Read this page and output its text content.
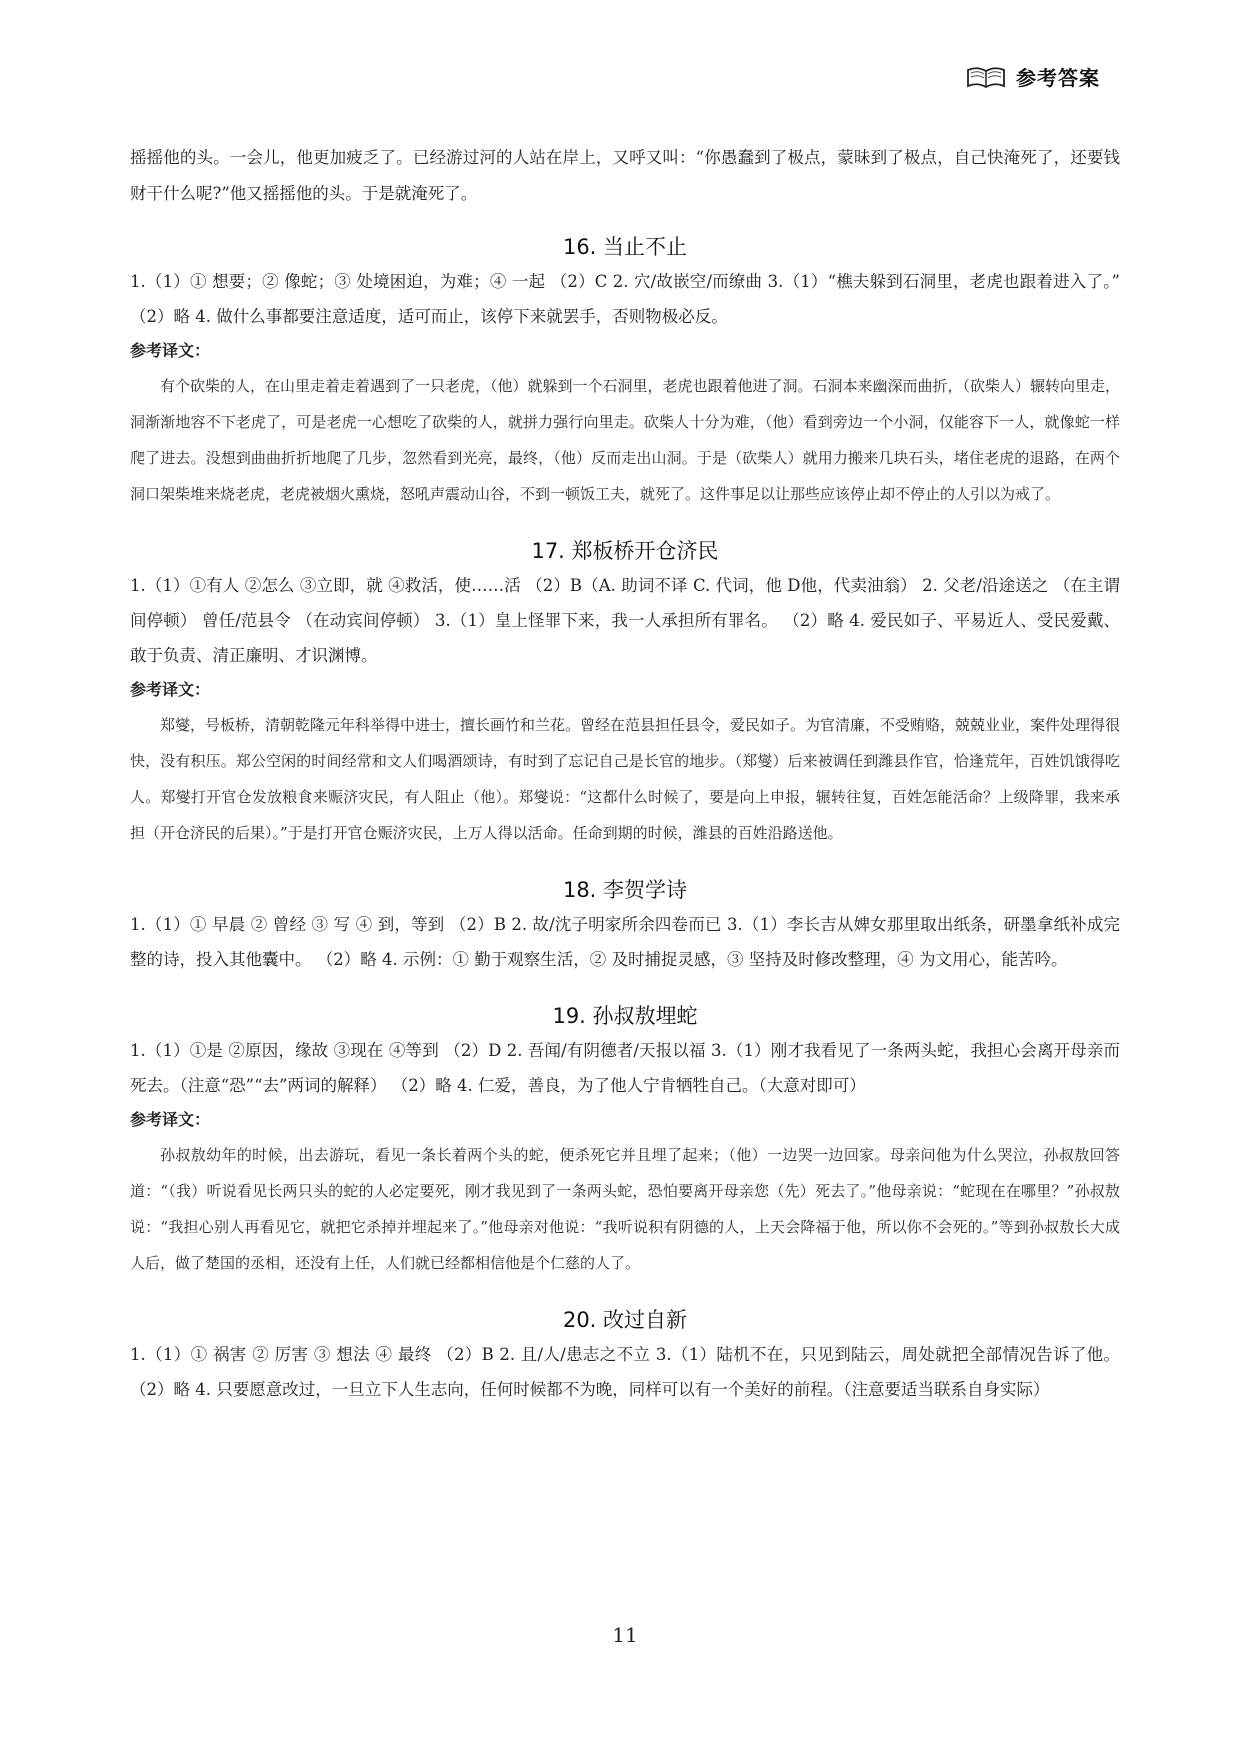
参考答案

摇摇他的头。一会儿，他更加疲乏了。已经游过河的人站在岸上，又呼又叫：“你愚蠢到了极点，蒙昧到了极点，自己快淹死了，还要钱财干什么呢?”他又摇摇他的头。于是就淹死了。

16. 当止不止

1.（1）① 想要；② 像蛇；③ 处境困迫，为难；④ 一起 （2）C 2. 穴/故嵌空/而缭曲 3.（1）“樵夫躲到石洞里，老虎也跟着进入了。” （2）略 4. 做什么事都要注意适度，适可而止，该停下来就罢手，否则物极必反。

参考译文：

有个砍柴的人，在山里走着走着遇到了一只老虎，（他）就躲到一个石洞里，老虎也跟着他进了洞。石洞本来幽深而曲折，（砍柴人）辗转向里走，洞渐渐地容不下老虎了，可是老虎一心想吃了砍柴的人，就拼力强行向里走。砍柴人十分为难，（他）看到旁边一个小洞，仅能容下一人，就像蛇一样爬了进去。没想到曲曲折折地爬了几步，忽然看到光亮，最终，（他）反而走出山洞。于是（砍柴人）就用力搬来几块石头，堵住老虎的退路，在两个洞口架柴堆来烧老虎，老虎被烟火熏烧，怒吼声震动山谷，不到一顿饭工夫，就死了。这件事足以让那些应该停止却不停止的人引以为戒了。

17. 郑板桥开仓济民

1.（1）①有人 ②怎么 ③立即，就 ④救活，使……活 （2）B（A. 助词不译 C. 代词，他 D他，代卖油翁） 2. 父老/沿途送之 （在主谓间停顿） 曾任/范县令 （在动宾间停顿） 3.（1）皇上怪罪下来，我一人承担所有罪名。 （2）略 4. 爱民如子、平易近人、受民爱戴、敢于负责、清正廉明、才识渊博。

参考译文：

郑燮，号板桥，清朝乾隆元年科举得中进士，擅长画竹和兰花。曾经在范县担任县令，爱民如子。为官清廉，不受贿赂，兢兢业业，案件处理得很快，没有积压。郑公空闲的时间经常和文人们喝酒颂诗，有时到了忘记自己是长官的地步。（郑燮）后来被调任到潍县作官，恰逢荒年，百姓饥饿得吃人。郑燮打开官仓发放粮食来赈济灾民，有人阻止（他）。郑燮说：“这都什么时候了，要是向上申报，辗转往复，百姓怎能活命？上级降罪，我来承担（开仓济民的后果）。”于是打开官仓赈济灾民，上万人得以活命。任命到期的时候，潍县的百姓沿路送他。

18. 李贺学诗

1.（1）① 早晨 ② 曾经 ③ 写 ④ 到，等到 （2）B 2. 故/沈子明家所余四卷而已 3.（1）李长吉从婢女那里取出纸条，研墨拿纸补成完整的诗，投入其他囊中。 （2）略 4. 示例：① 勤于观察生活，② 及时捕捉灵感，③ 坚持及时修改整理，④ 为文用心，能苦吟。

19. 孙叔敖埋蛇

1.（1）①是 ②原因，缘故 ③现在 ④等到 （2）D 2. 吾闻/有阴德者/天报以福 3.（1）刚才我看见了一条两头蛇，我担心会离开母亲而死去。（注意“恐”“去”两词的解释） （2）略 4. 仁爱，善良，为了他人宁肯牺牲自己。（大意对即可）

参考译文：

孙叔敖幼年的时候，出去游玩，看见一条长着两个头的蛇，便杀死它并且埋了起来；（他）一边哭一边回家。母亲问他为什么哭泣，孙叔敖回答道：“（我）听说看见长两只头的蛇的人必定要死，刚才我见到了一条两头蛇，恐怕要离开母亲您（先）死去了。”他母亲说：“蛇现在在哪里？”孙叔敖说：“我担心别人再看见它，就把它杀掉并埋起来了。”他母亲对他说：“我听说积有阴德的人，上天会降福于他，所以你不会死的。”等到孙叔敖长大成人后，做了楚国的丞相，还没有上任，人们就已经都相信他是个仁慈的人了。

20. 改过自新

1.（1）① 祸害 ② 厉害 ③ 想法 ④ 最终 （2）B 2. 且/人/患志之不立 3.（1）陆机不在，只见到陆云，周处就把全部情况告诉了他。 （2）略 4. 只要愿意改过，一旦立下人生志向，任何时候都不为晚，同样可以有一个美好的前程。（注意要适当联系自身实际）

11
